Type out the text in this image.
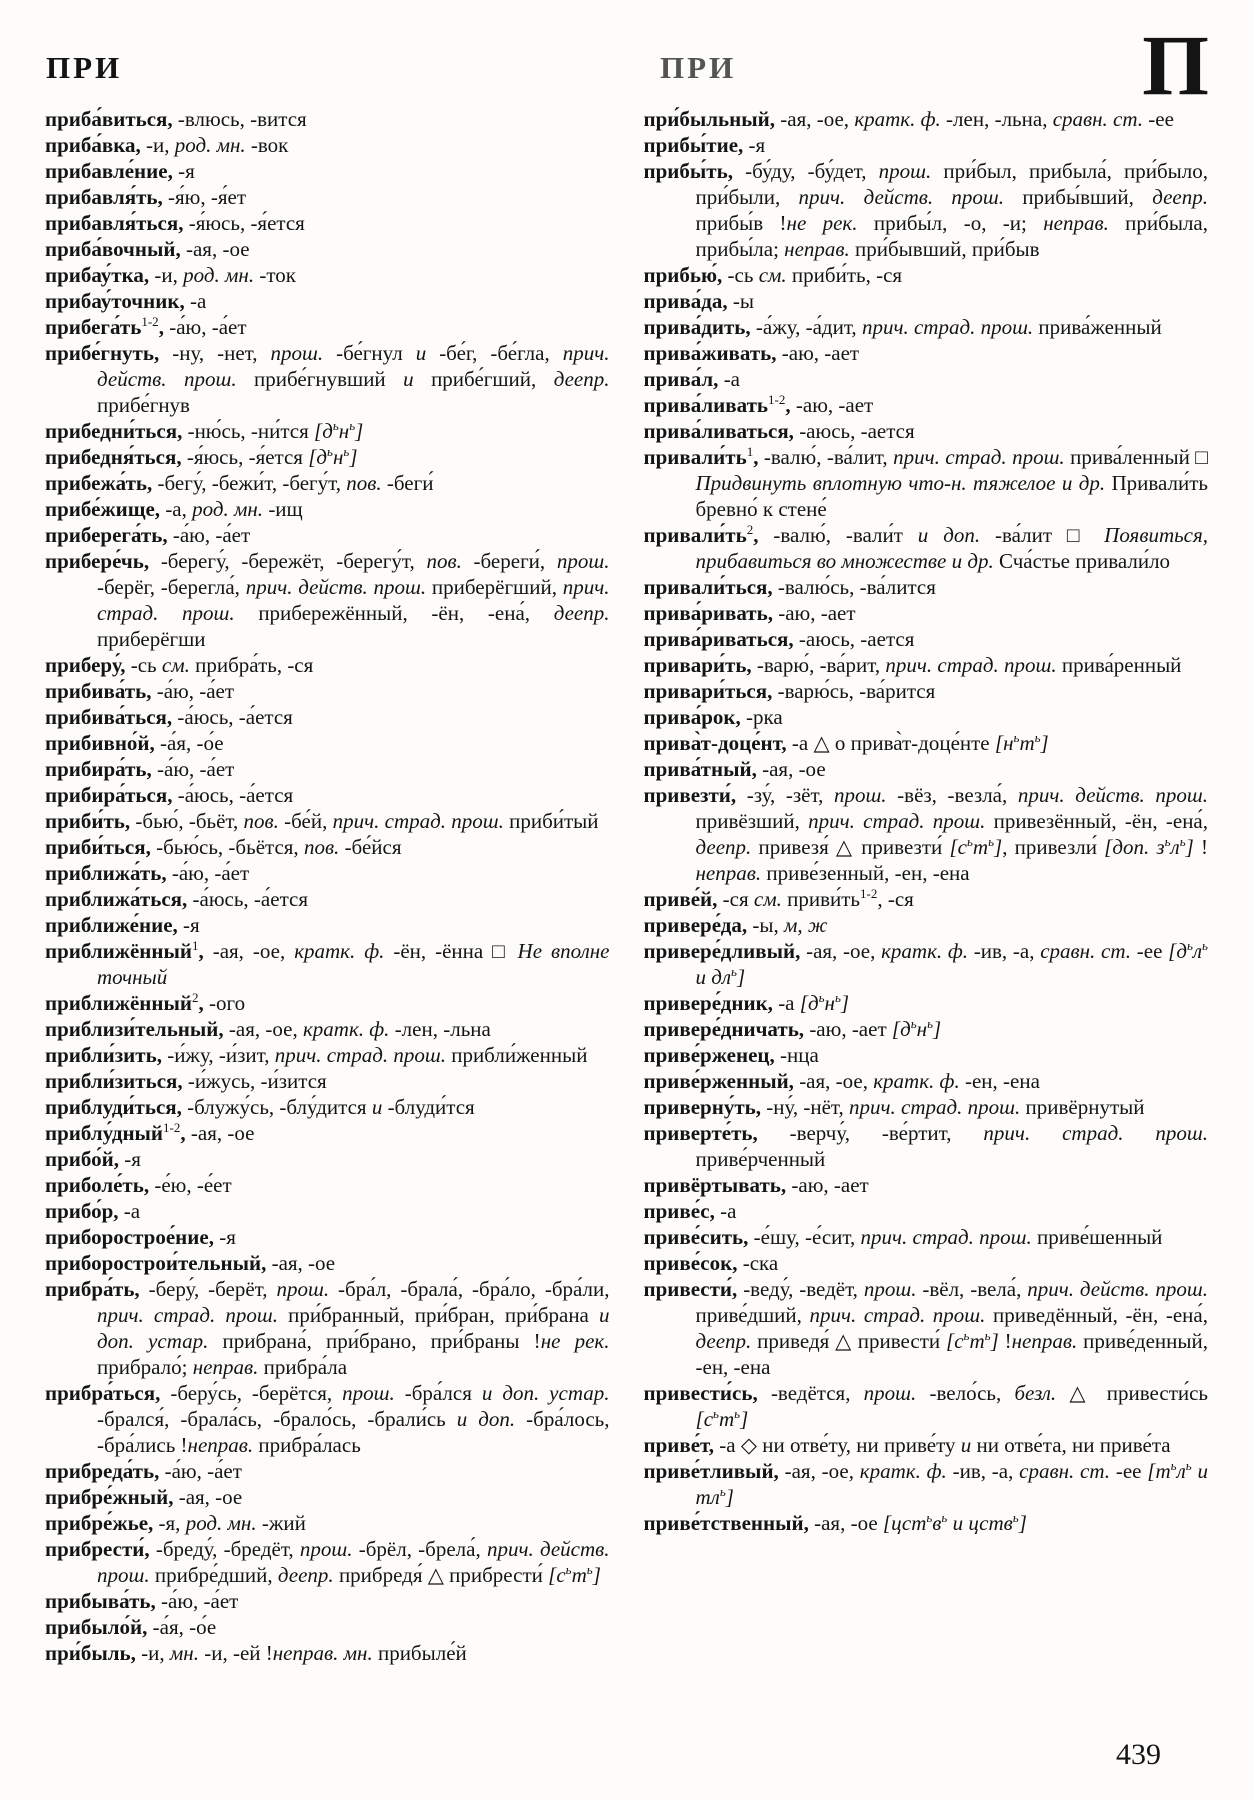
ПРИ	ПРИ	П

приба́виться, -влюсь, -вится

приба́вка, -и, род. мн. -вок

прибавле́ние, -я

прибавля́ть, -я́ю, -я́ет

прибавля́ться, -я́юсь, -я́ется

приба́вочный, -ая, -ое

прибау́тка, -и, род. мн. -ток

прибау́точник, -а

$прибега́ть^{1-2}$, -а́ю, -а́ет

прибе́гнуть, -ну, -нет, прош. -бе́гнул и -бе́г, -бе́гла, прич. действ. прош. прибе́гнувший и прибе́гший, деепр. прибе́гнув

прибедни́ться, -ню́сь, -ни́тся $[д^ьн^ь]$

прибедня́ться, -я́юсь, -я́ется $[д^ьн^ь]$

прибежа́ть, -бегу́, -бежи́т, -бегу́т, пов. -беги́

прибе́жище, -а, род. мн. -ищ

приберега́ть, -а́ю, -а́ет

прибере́чь, -берегу́, -бережёт, -берегу́т, пов. -береги́, прош. -берёг, -берегла́, прич. действ. прош. приберёгший, прич. страд. прош. прибережённый, -ён, -ена́, деепр. приберёгши

приберу́, -сь см. прибра́ть, -ся

прибива́ть, -а́ю, -а́ет

прибива́ться, -а́юсь, -а́ется

прибивно́й, -а́я, -о́е

прибира́ть, -а́ю, -а́ет

прибира́ться, -а́юсь, -а́ется

приби́ть, -бью́, -бьёт, пов. -бе́й, прич. страд. прош. приби́тый

приби́ться, -бью́сь, -бьётся, пов. -бе́йся

приближа́ть, -а́ю, -а́ет

приближа́ться, -а́юсь, -а́ется

приближе́ние, -я

приближённый$^1$, -ая, -ое, кратк. ф. -ён, -ённа □ Не вполне точный

приближённый$^2$, -ого

приблизи́тельный, -ая, -ое, кратк. ф. -лен, -льна

прибли́зить, -и́жу, -и́зит, прич. страд. прош. прибли́женный

прибли́зиться, -и́жусь, -и́зится

приблуди́ться, -блужу́сь, -блу́дится и -блуди́тся

приблу́дный$^{1-2}$, -ая, -ое

прибо́й, -я

приболе́ть, -е́ю, -е́ет

прибо́р, -а

приборострое́ние, -я

приборострои́тельный, -ая, -ое

прибра́ть, -беру́, -берёт, прош. -бра́л, -брала́, -бра́ло, -бра́ли, прич. страд. прош. при́бранный, при́бран, при́брана и доп. устар. прибрана́, при́брано, при́браны !не рек. прибрало́; неправ. прибра́ла

прибра́ться, -беру́сь, -берётся, прош. -бра́лся и доп. устар. -брался́, -брала́сь, -брало́сь, -брали́сь и доп. -бра́лось, -бра́лись !неправ. прибра́лась

прибреда́ть, -а́ю, -а́ет

прибре́жный, -ая, -ое

прибре́жье, -я, род. мн. -жий

прибрести́, -бреду́, -бредёт, прош. -брёл, -брела́, прич. действ. прош. прибре́дший, деепр. прибредя́ △ прибрести́ $[с^ьт^ь]$

прибыва́ть, -а́ю, -а́ет

прибыло́й, -а́я, -о́е

при́быль, -и, мн. -и, -ей !неправ. мн. прибыле́й

при́быльный, -ая, -ое, кратк. ф. -лен, -льна, сравн. ст. -ее

прибы́тие, -я

прибы́ть, -бу́ду, -бу́дет, прош. при́был, прибыла́, при́было, при́были, прич. действ. прош. прибы́вший, деепр. прибы́в !не рек. прибы́л, -о, -и; неправ. при́была, прибы́ла; неправ. при́бывший, при́быв

прибью́, -сь см. приби́ть, -ся

прива́да, -ы

прива́дить, -а́жу, -а́дит, прич. страд. прош. прива́женный

прива́живать, -аю, -ает

прива́л, -а

прива́ливать$^{1-2}$, -аю, -ает

прива́ливаться, -аюсь, -ается

$привали́ть^1$, -валю́, -ва́лит, прич. страд. прош. прива́ленный □ Придвинуть вплотную что-н. тяжелое и др. Привали́ть бревно́ к стене́

$привали́ть^2$, -валю́, -вали́т и доп. -ва́лит □ Появиться, прибавиться во множестве и др. Сча́стье привали́ло

привали́ться, -валю́сь, -ва́лится

прива́ривать, -аю, -ает

прива́риваться, -аюсь, -ается

привари́ть, -варю́, -ва́рит, прич. страд. прош. прива́ренный

привари́ться, -варю́сь, -ва́рится

прива́рок, -рка

прива̀т-доце́нт, -а △ о прива̀т-доце́нте $[н^ьт^ь]$

прива́тный, -ая, -ое

привезти́, -зу́, -зёт, прош. -вёз, -везла́, прич. действ. прош. привёзший, прич. страд. прош. привезённый, -ён, -ена́, деепр. привезя́ △ привезти́ $[с^ьт^ь]$, привезли́ [доп. $з^ьл^ь$] !неправ. приве́зенный, -ен, -ена

приве́й, -ся см. $приви́ть^{1-2}$, -ся

привере́да, -ы, м, ж

привере́дливый, -ая, -ое, кратк. ф. -ив, -а, сравн. ст. -ее [$д^ьл^ь$ и $дл^ь$]

привере́дник, -а $[д^ьн^ь]$

привере́дничать, -аю, -ает $[д^ьн^ь]$

приве́рженец, -нца

приве́рженный, -ая, -ое, кратк. ф. -ен, -ена

приверну́ть, -ну́, -нёт, прич. страд. прош. привёрнутый

приверте́ть, -верчу́, -ве́ртит, прич. страд. прош. приве́рченный

привёртывать, -аю, -ает

приве́с, -а

приве́сить, -е́шу, -е́сит, прич. страд. прош. приве́шенный

приве́сок, -ска

привести́, -веду́, -ведёт, прош. -вёл, -вела́, прич. действ. прош. приве́дший, прич. страд. прош. приведённый, -ён, -ена́, деепр. приведя́ △ привести́ $[с^ьт^ь]$ !неправ. приве́денный, -ен, -ена

привести́сь, -ведётся, прош. -вело́сь, безл. △ привести́сь $[с^ьт^ь]$

приве́т, -а ◇ ни отве́ту, ни приве́ту и ни отве́та, ни приве́та

приве́тливый, -ая, -ое, кратк. ф. -ив, -а, сравн. ст. -ее [$т^ьл^ь$ и $тл^ь$]

приве́тственный, -ая, -ое [$цст^ьв^ь$ и цств$^ь$]

439
